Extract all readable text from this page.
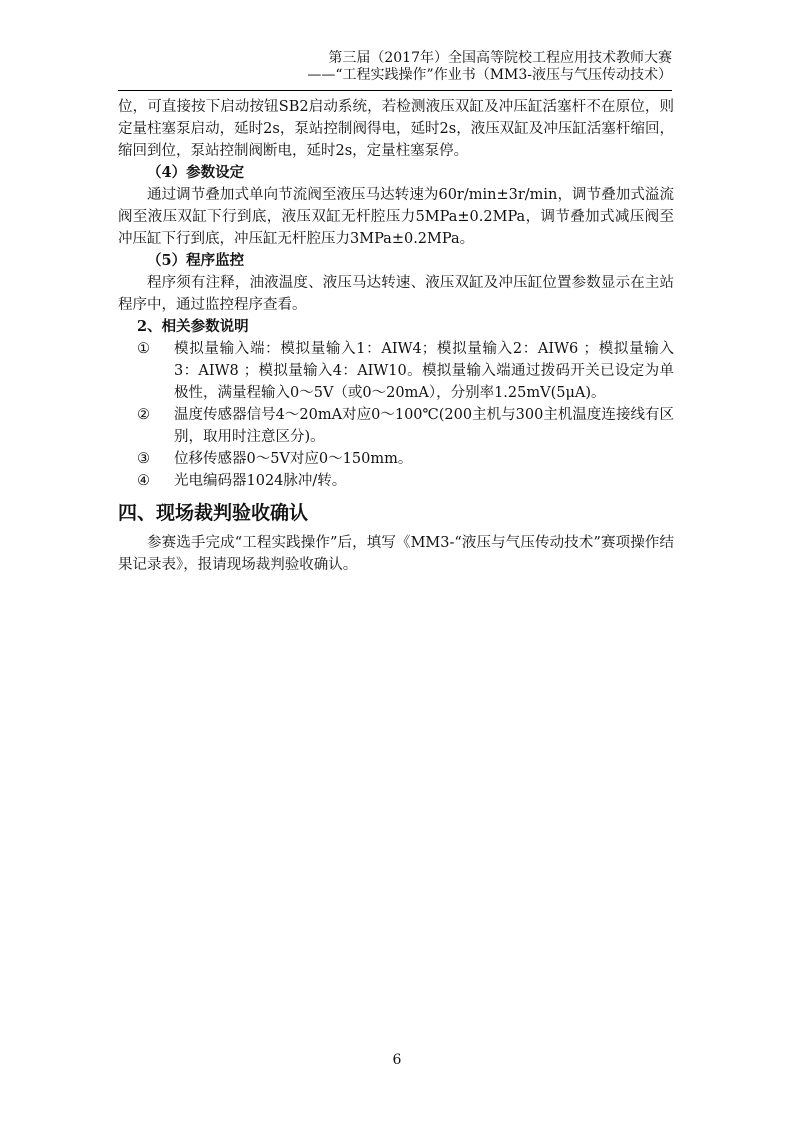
第三届（2017年）全国高等院校工程应用技术教师大赛
——“工程实践操作”作业书（MM3-液压与气压传动技术）

位，可直接按下启动按钮SB2启动系统，若检测液压双缸及冲压缸活塞杆不在原位，则定量柱塞泵启动，延时2s，泵站控制阀得电，延时2s，液压双缸及冲压缸活塞杆缩回，缩回到位，泵站控制阀断电，延时2s，定量柱塞泵停。

（4）参数设定

通过调节叠加式单向节流阀至液压马达转速为60r/min±3r/min，调节叠加式溢流阀至液压双缸下行到底，液压双缸无杆腔压力5MPa±0.2MPa，调节叠加式减压阀至冲压缸下行到底，冲压缸无杆腔压力3MPa±0.2MPa。

（5）程序监控

程序须有注释，油液温度、液压马达转速、液压双缸及冲压缸位置参数显示在主站程序中，通过监控程序查看。

2、相关参数说明

①	模拟量输入端：模拟量输入1：AIW4；模拟量输入2：AIW6 ；模拟量输入3：AIW8 ；模拟量输入4：AIW10。模拟量输入端通过拨码开关已设定为单极性，满量程输入0～5V（或0～20mA），分别率1.25mV(5μA)。
②	温度传感器信号4～20mA对应0～100℃(200主机与300主机温度连接线有区别，取用时注意区分)。
③	位移传感器0～5V对应0～150mm。
④	光电编码器1024脉冲/转。
四、现场裁判验收确认

参赛选手完成“工程实践操作”后，填写《MM3-“液压与气压传动技术”赛项操作结果记录表》，报请现场裁判验收确认。

6
